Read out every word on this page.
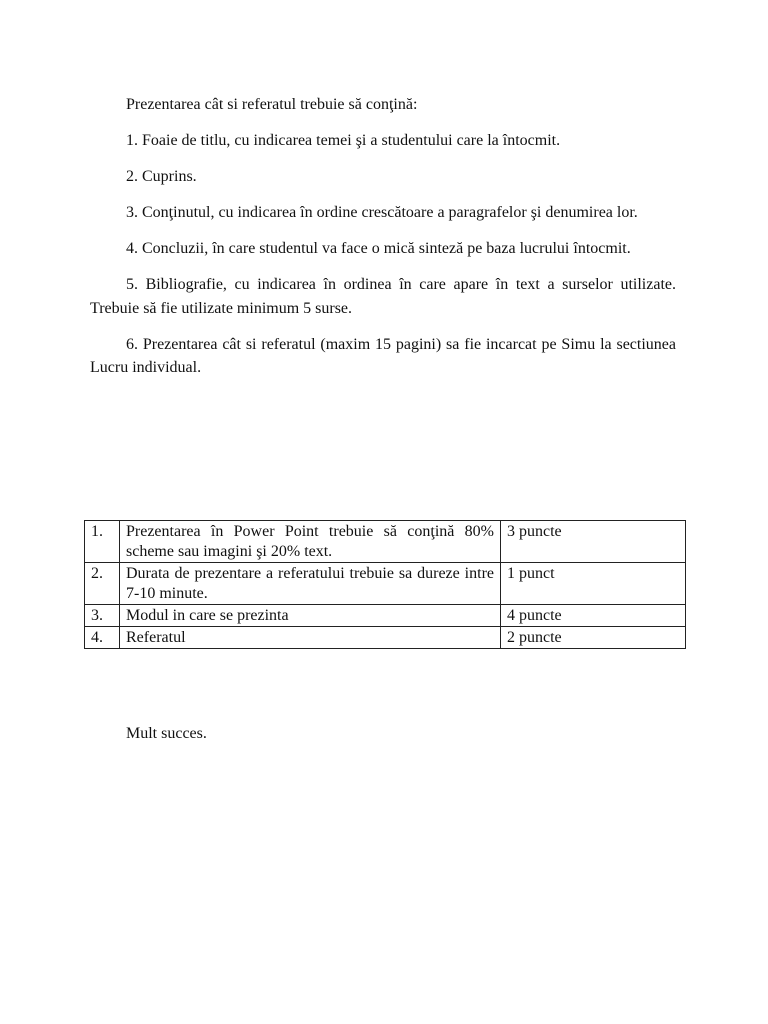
Prezentarea cât si referatul trebuie să conţină:

1. Foaie de titlu, cu indicarea temei şi a studentului care la întocmit.

2. Cuprins.

3. Conţinutul, cu indicarea în ordine crescătoare a paragrafelor şi denumirea lor.

4. Concluzii, în care studentul va face o mică sinteză pe baza lucrului întocmit.

5. Bibliografie, cu indicarea în ordinea în care apare în text a surselor utilizate. Trebuie să fie utilizate minimum 5 surse.

6. Prezentarea cât si referatul (maxim 15 pagini) sa fie incarcat pe Simu la sectiunea Lucru individual.

1.	Prezentarea în Power Point trebuie să conţină 80% scheme sau imagini şi 20% text.	3 puncte
2.	Durata de prezentare a referatului trebuie sa dureze intre 7-10 minute.	1 punct
3.	Modul in care se prezinta	4 puncte
4.	Referatul	2 puncte

Mult succes.
